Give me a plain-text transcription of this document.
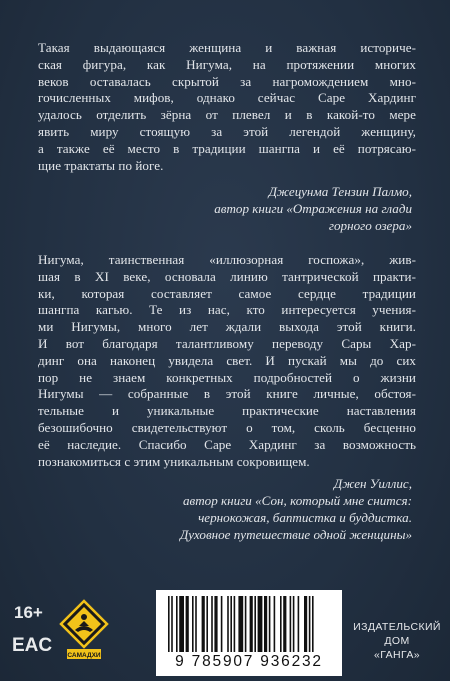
Такая выдающаяся женщина и важная историче-
ская фигура, как Нигума, на протяжении многих
веков оставалась скрытой за нагромождением мно-
гочисленных мифов, однако сейчас Саре Хардинг
удалось отделить зёрна от плевел и в какой-то мере
явить миру стоящую за этой легендой женщину,
а также её место в традиции шангпа и её потрясаю-
щие трактаты по йоге.
Джецунма Тензин Палмо,
автор книги «Отражения на глади
горного озера»
Нигума, таинственная «иллюзорная госпожа», жив-
шая в XI веке, основала линию тантрической практи-
ки, которая составляет самое сердце традиции
шангпа кагью. Те из нас, кто интересуется учения-
ми Нигумы, много лет ждали выхода этой книги.
И вот благодаря талантливому переводу Сары Хар-
динг она наконец увидела свет. И пускай мы до сих
пор не знаем конкретных подробностей о жизни
Нигумы — собранные в этой книге личные, обстоя-
тельные и уникальные практические наставления
безошибочно свидетельствуют о том, сколь бесценно
её наследие. Спасибо Саре Хардинг за возможность
познакомиться с этим уникальным сокровищем.
Джен Уиллис,
автор книги «Сон, который мне снится:
чернокожая, баптистка и буддистка.
Духовное путешествие одной женщины»
16+
EAC САМАДХИ	9 785907 936232
ИЗДАТЕЛЬСКИЙ
ДОМ
«ГАНГА»
